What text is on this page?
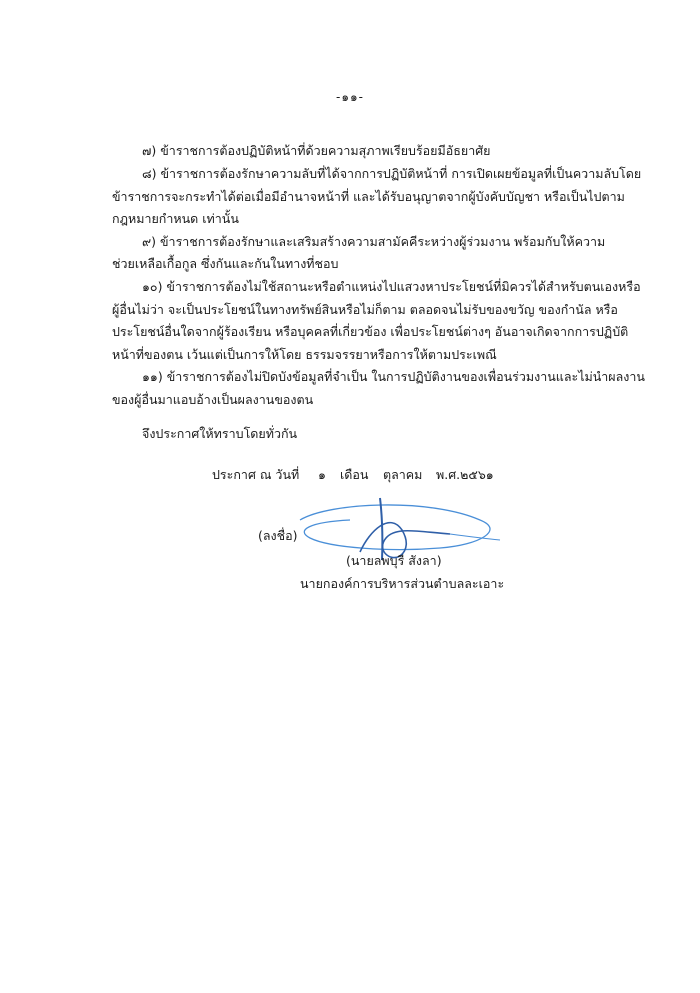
-๑๑-
๗) ข้าราชการต้องปฏิบัติหน้าที่ด้วยความสุภาพเรียบร้อยมีอัธยาศัย
๘) ข้าราชการต้องรักษาความลับที่ได้จากการปฏิบัติหน้าที่ การเปิดเผยข้อมูลที่เป็นความลับโดย
ข้าราชการจะกระทำได้ต่อเมื่อมีอำนาจหน้าที่ และได้รับอนุญาตจากผู้บังคับบัญชา หรือเป็นไปตาม
กฎหมายกำหนด เท่านั้น
๙) ข้าราชการต้องรักษาและเสริมสร้างความสามัคคีระหว่างผู้ร่วมงาน พร้อมกับให้ความ
ช่วยเหลือเกื้อกูล ซึ่งกันและกันในทางที่ชอบ
๑๐) ข้าราชการต้องไม่ใช้สถานะหรือตำแหน่งไปแสวงหาประโยชน์ที่มิควรได้สำหรับตนเองหรือ
ผู้อื่นไม่ว่า จะเป็นประโยชน์ในทางทรัพย์สินหรือไม่ก็ตาม ตลอดจนไม่รับของขวัญ ของกำนัล หรือ
ประโยชน์อื่นใดจากผู้ร้องเรียน หรือบุคคลที่เกี่ยวข้อง เพื่อประโยชน์ต่างๆ อันอาจเกิดจากการปฏิบัติ
หน้าที่ของตน เว้นแต่เป็นการให้โดย ธรรมจรรยาหรือการให้ตามประเพณี
๑๑) ข้าราชการต้องไม่ปิดบังข้อมูลที่จำเป็น ในการปฏิบัติงานของเพื่อนร่วมงานและไม่นำผลงาน
ของผู้อื่นมาแอบอ้างเป็นผลงานของตน
จึงประกาศให้ทราบโดยทั่วกัน
ประกาศ ณ วันที่ ๑ เดือน ตุลาคม พ.ศ.๒๕๖๑
(ลงชื่อ)
(นายลพบุรี สังลา)
นายกองค์การบริหารส่วนตำบลละเอาะ
